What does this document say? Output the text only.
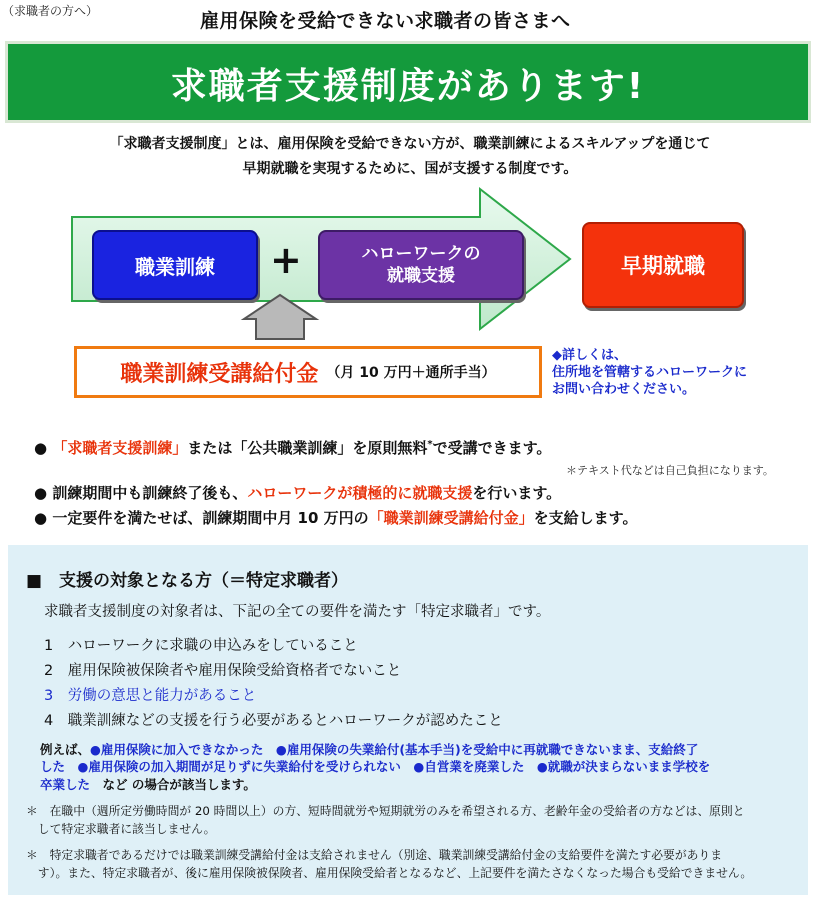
（求職者の方へ）	雇用保険を受給できない求職者の皆さまへ
求職者支援制度があります!
「求職者支援制度」とは、雇用保険を受給できない方が、職業訓練によるスキルアップを通じて
早期就職を実現するために、国が支援する制度です。
職業訓練	+	ハローワークの
就職支援	早期就職
職業訓練受講給付金 （月 10 万円＋通所手当）
◆詳しくは、
住所地を管轄するハローワークに
お問い合わせください。
● 「求職者支援訓練」または「公共職業訓練」を原則無料*で受講できます。
＊テキスト代などは自己負担になります。
● 訓練期間中も訓練終了後も、ハローワークが積極的に就職支援を行います。
● 一定要件を満たせば、訓練期間中月 10 万円の「職業訓練受講給付金」を支給します。
■　支援の対象となる方（＝特定求職者）
求職者支援制度の対象者は、下記の全ての要件を満たす「特定求職者」です。
1　ハローワークに求職の申込みをしていること
2　雇用保険被保険者や雇用保険受給資格者でないこと
3　労働の意思と能力があること
4　職業訓練などの支援を行う必要があるとハローワークが認めたこと
例えば、●雇用保険に加入できなかった　●雇用保険の失業給付(基本手当)を受給中に再就職できないまま、支給終了
した　●雇用保険の加入期間が足りずに失業給付を受けられない　●自営業を廃業した　●就職が決まらないまま学校を
卒業した　など の場合が該当します。
＊　在職中（週所定労働時間が 20 時間以上）の方、短時間就労や短期就労のみを希望される方、老齢年金の受給者の方などは、原則と
　して特定求職者に該当しません。
＊　特定求職者であるだけでは職業訓練受講給付金は支給されません（別途、職業訓練受講給付金の支給要件を満たす必要がありま
　す）。また、特定求職者が、後に雇用保険被保険者、雇用保険受給者となるなど、上記要件を満たさなくなった場合も受給できません。
